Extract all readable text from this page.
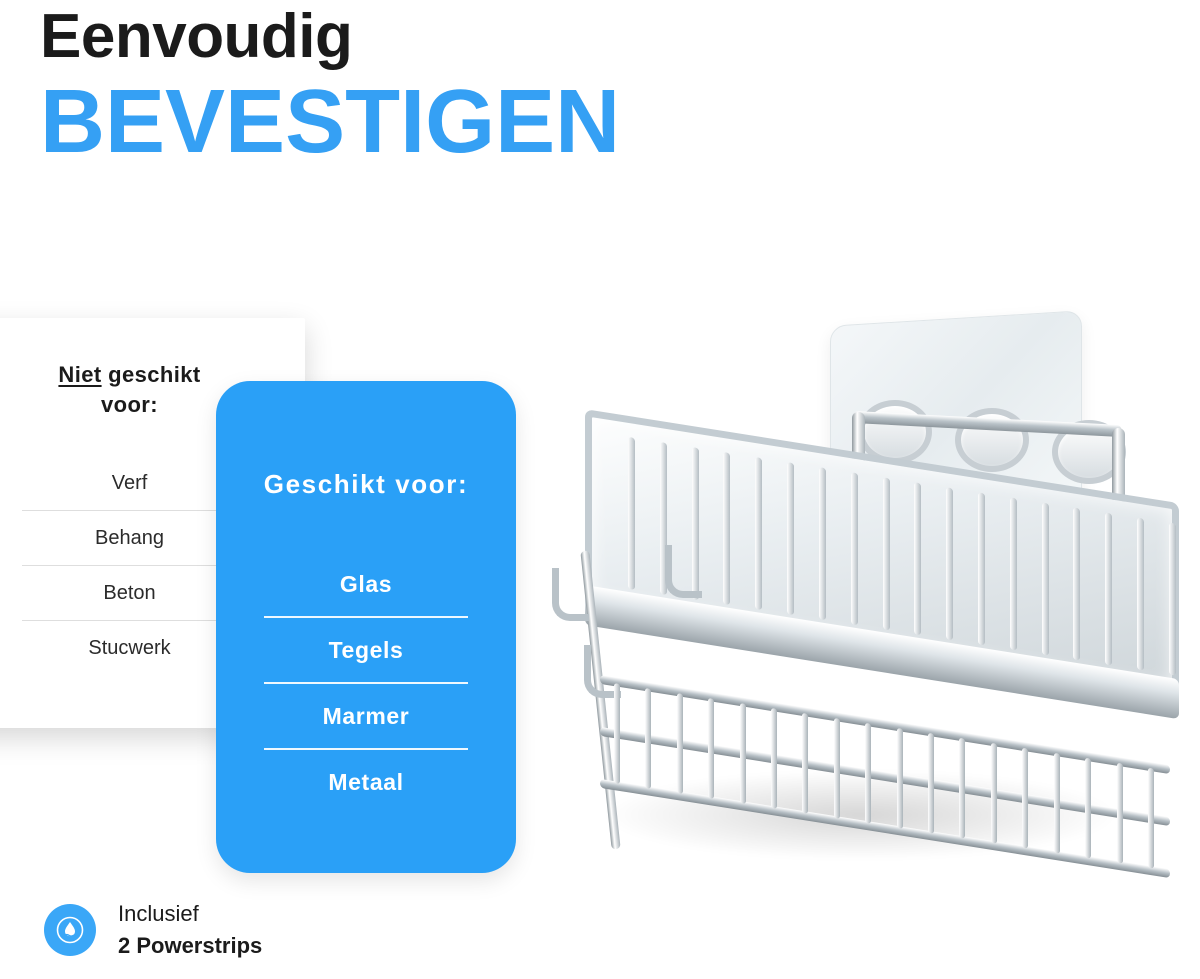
Eenvoudig
BEVESTIGEN
Niet geschikt
voor:
Verf
Behang
Beton
Stucwerk
Geschikt voor:
Glas
Tegels
Marmer
Metaal
Inclusief
2 Powerstrips
